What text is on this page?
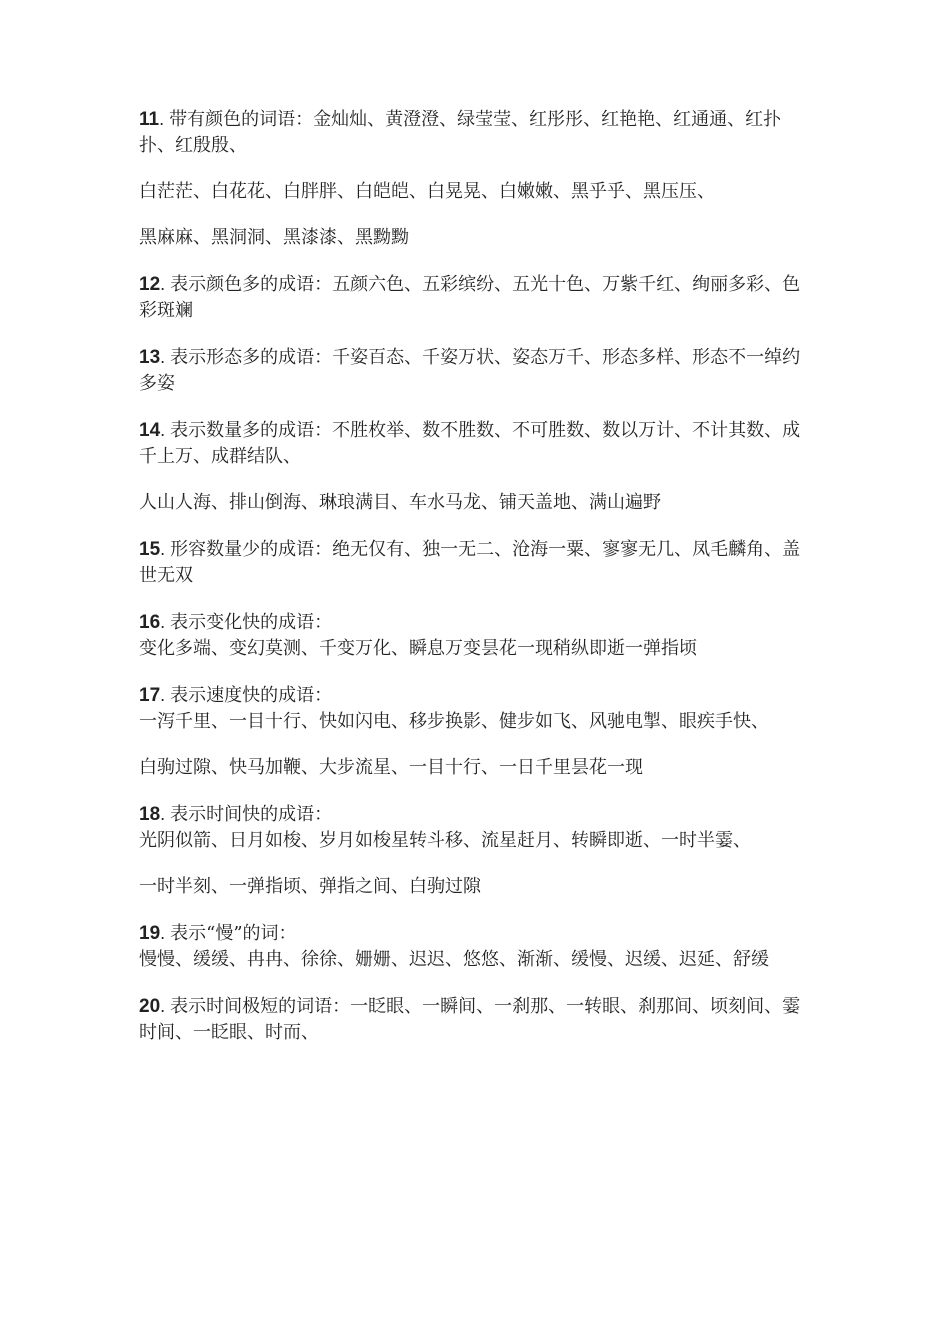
11. 带有颜色的词语：金灿灿、黄澄澄、绿莹莹、红彤彤、红艳艳、红通通、红扑扑、红殷殷、

白茫茫、白花花、白胖胖、白皑皑、白晃晃、白嫩嫩、黑乎乎、黑压压、

黑麻麻、黑洞洞、黑漆漆、黑黝黝

12. 表示颜色多的成语：五颜六色、五彩缤纷、五光十色、万紫千红、绚丽多彩、色彩斑斓

13. 表示形态多的成语：千姿百态、千姿万状、姿态万千、形态多样、形态不一绰约多姿

14. 表示数量多的成语：不胜枚举、数不胜数、不可胜数、数以万计、不计其数、成千上万、成群结队、

人山人海、排山倒海、琳琅满目、车水马龙、铺天盖地、满山遍野

15. 形容数量少的成语：绝无仅有、独一无二、沧海一粟、寥寥无几、凤毛麟角、盖世无双

16. 表示变化快的成语：
变化多端、变幻莫测、千变万化、瞬息万变昙花一现稍纵即逝一弹指顷

17. 表示速度快的成语：
一泻千里、一目十行、快如闪电、移步换影、健步如飞、风驰电掣、眼疾手快、

白驹过隙、快马加鞭、大步流星、一目十行、一日千里昙花一现

18. 表示时间快的成语：
光阴似箭、日月如梭、岁月如梭星转斗移、流星赶月、转瞬即逝、一时半霎、

一时半刻、一弹指顷、弹指之间、白驹过隙

19. 表示“慢”的词：
慢慢、缓缓、冉冉、徐徐、姗姗、迟迟、悠悠、渐渐、缓慢、迟缓、迟延、舒缓

20. 表示时间极短的词语：一眨眼、一瞬间、一刹那、一转眼、刹那间、顷刻间、霎时间、一眨眼、时而、
